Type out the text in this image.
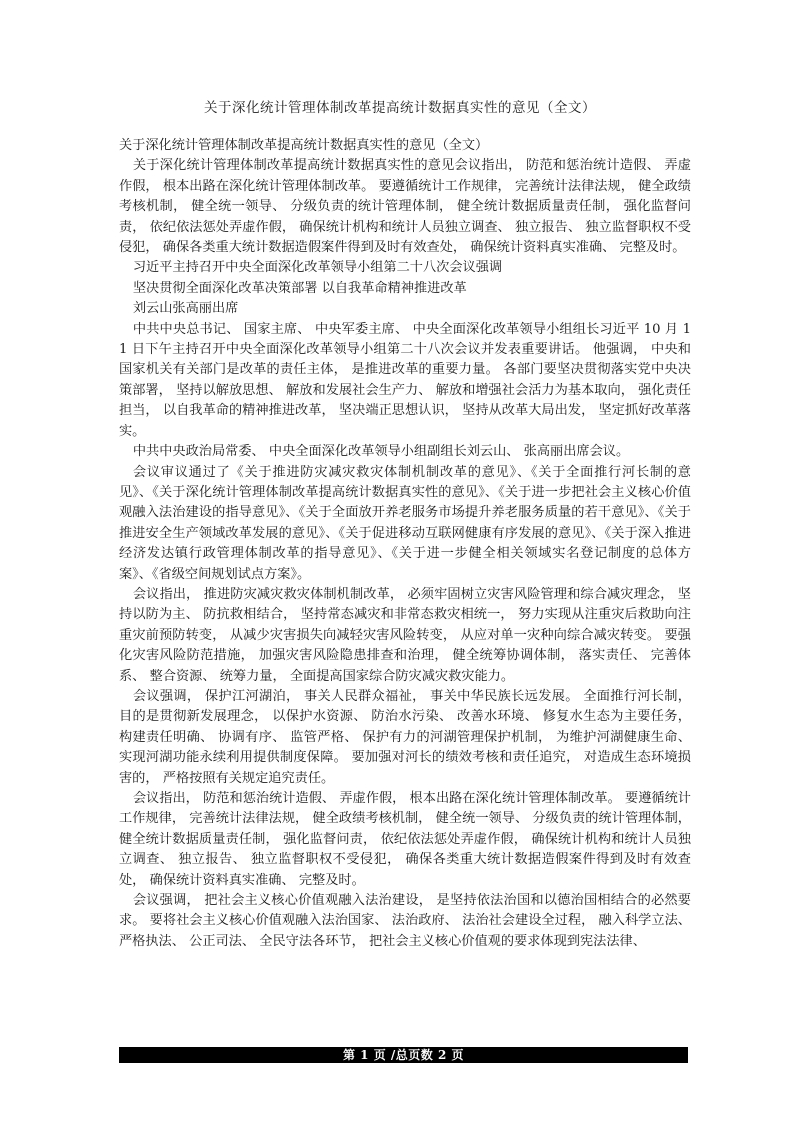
关于深化统计管理体制改革提高统计数据真实性的意见（全文）

关于深化统计管理体制改革提高统计数据真实性的意见（全文）

关于深化统计管理体制改革提高统计数据真实性的意见会议指出， 防范和惩治统计造假、 弄虚作假， 根本出路在深化统计管理体制改革。 要遵循统计工作规律， 完善统计法律法规， 健全政绩考核机制， 健全统一领导、 分级负责的统计管理体制， 健全统计数据质量责任制， 强化监督问责， 依纪依法惩处弄虚作假， 确保统计机构和统计人员独立调查、 独立报告、 独立监督职权不受侵犯， 确保各类重大统计数据造假案件得到及时有效查处， 确保统计资料真实准确、 完整及时。

习近平主持召开中央全面深化改革领导小组第二十八次会议强调

坚决贯彻全面深化改革决策部署 以自我革命精神推进改革

刘云山张高丽出席

中共中央总书记、 国家主席、 中央军委主席、 中央全面深化改革领导小组组长习近平 10 月 11 日下午主持召开中央全面深化改革领导小组第二十八次会议并发表重要讲话。 他强调， 中央和国家机关有关部门是改革的责任主体， 是推进改革的重要力量。 各部门要坚决贯彻落实党中央决策部署， 坚持以解放思想、 解放和发展社会生产力、 解放和增强社会活力为基本取向， 强化责任担当， 以自我革命的精神推进改革， 坚决端正思想认识， 坚持从改革大局出发， 坚定抓好改革落实。

中共中央政治局常委、 中央全面深化改革领导小组副组长刘云山、 张高丽出席会议。

会议审议通过了《关于推进防灾减灾救灾体制机制改革的意见》、《关于全面推行河长制的意见》、《关于深化统计管理体制改革提高统计数据真实性的意见》、《关于进一步把社会主义核心价值观融入法治建设的指导意见》、《关于全面放开养老服务市场提升养老服务质量的若干意见》、《关于推进安全生产领域改革发展的意见》、《关于促进移动互联网健康有序发展的意见》、《关于深入推进经济发达镇行政管理体制改革的指导意见》、《关于进一步健全相关领域实名登记制度的总体方案》、《省级空间规划试点方案》。

会议指出， 推进防灾减灾救灾体制机制改革， 必须牢固树立灾害风险管理和综合减灾理念， 坚持以防为主、 防抗救相结合， 坚持常态减灾和非常态救灾相统一， 努力实现从注重灾后救助向注重灾前预防转变， 从减少灾害损失向减轻灾害风险转变， 从应对单一灾种向综合减灾转变。 要强化灾害风险防范措施， 加强灾害风险隐患排查和治理， 健全统筹协调体制， 落实责任、 完善体系、 整合资源、 统筹力量， 全面提高国家综合防灾减灾救灾能力。

会议强调， 保护江河湖泊， 事关人民群众福祉， 事关中华民族长远发展。 全面推行河长制， 目的是贯彻新发展理念， 以保护水资源、 防治水污染、 改善水环境、 修复水生态为主要任务， 构建责任明确、 协调有序、 监管严格、 保护有力的河湖管理保护机制， 为维护河湖健康生命、 实现河湖功能永续利用提供制度保障。 要加强对河长的绩效考核和责任追究， 对造成生态环境损害的， 严格按照有关规定追究责任。

会议指出， 防范和惩治统计造假、 弄虚作假， 根本出路在深化统计管理体制改革。 要遵循统计工作规律， 完善统计法律法规， 健全政绩考核机制， 健全统一领导、 分级负责的统计管理体制， 健全统计数据质量责任制， 强化监督问责， 依纪依法惩处弄虚作假， 确保统计机构和统计人员独立调查、 独立报告、 独立监督职权不受侵犯， 确保各类重大统计数据造假案件得到及时有效查处， 确保统计资料真实准确、 完整及时。

会议强调， 把社会主义核心价值观融入法治建设， 是坚持依法治国和以德治国相结合的必然要求。 要将社会主义核心价值观融入法治国家、 法治政府、 法治社会建设全过程， 融入科学立法、 严格执法、 公正司法、 全民守法各环节， 把社会主义核心价值观的要求体现到宪法法律、

第 1 页 /总页数 2 页
